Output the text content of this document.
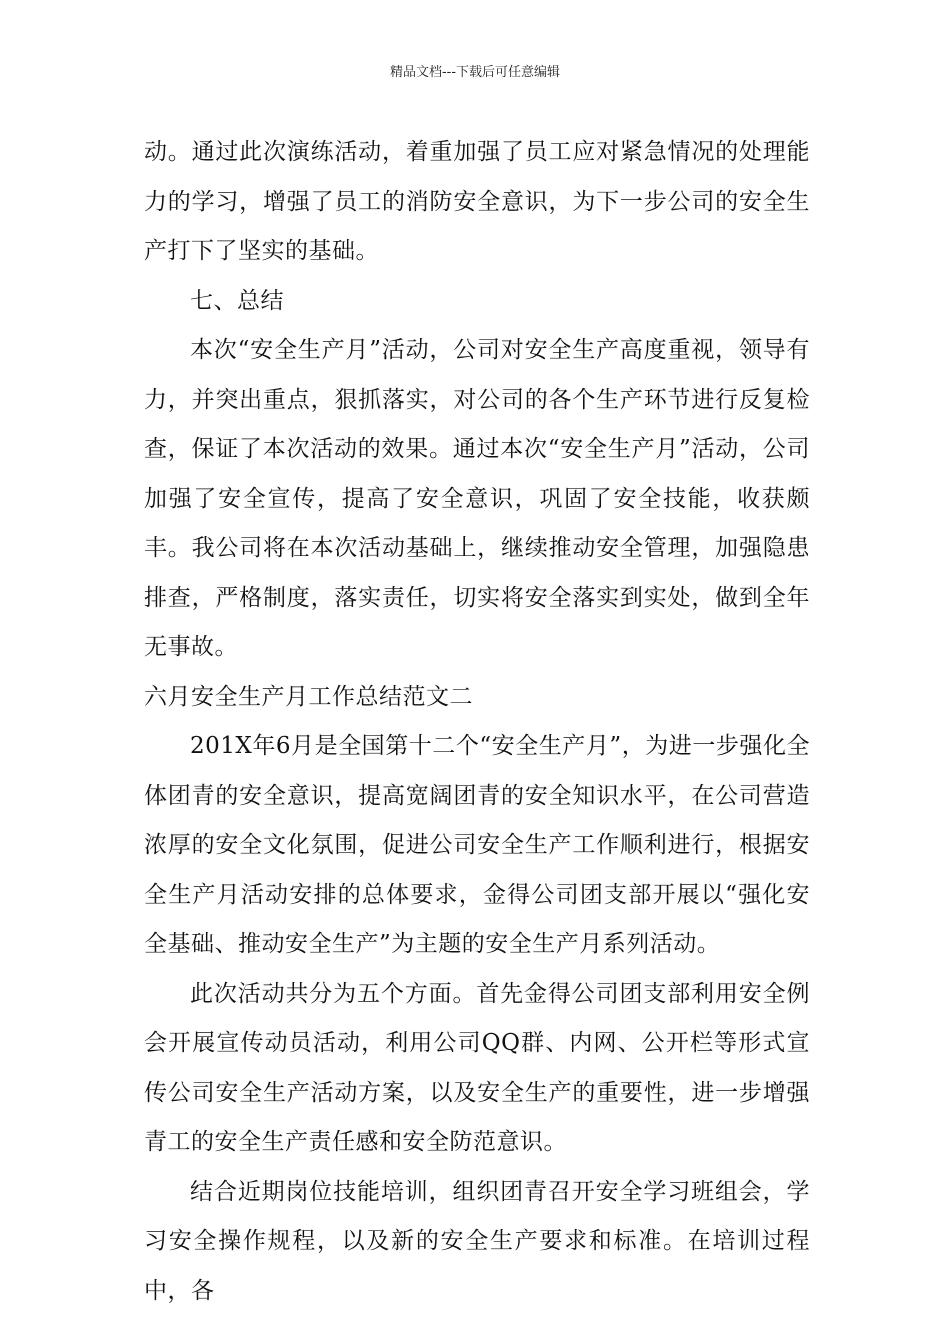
精品文档---下载后可任意编辑

动。通过此次演练活动，着重加强了员工应对紧急情况的处理能力的学习，增强了员工的消防安全意识，为下一步公司的安全生产打下了坚实的基础。

七、总结

本次“安全生产月”活动，公司对安全生产高度重视，领导有力，并突出重点，狠抓落实，对公司的各个生产环节进行反复检查，保证了本次活动的效果。通过本次“安全生产月”活动，公司加强了安全宣传，提高了安全意识，巩固了安全技能，收获颇丰。我公司将在本次活动基础上，继续推动安全管理，加强隐患排查，严格制度，落实责任，切实将安全落实到实处，做到全年无事故。

六月安全生产月工作总结范文二

201X年6月是全国第十二个“安全生产月”，为进一步强化全体团青的安全意识，提高宽阔团青的安全知识水平，在公司营造浓厚的安全文化氛围，促进公司安全生产工作顺利进行，根据安全生产月活动安排的总体要求，金得公司团支部开展以“强化安全基础、推动安全生产”为主题的安全生产月系列活动。

此次活动共分为五个方面。首先金得公司团支部利用安全例会开展宣传动员活动，利用公司QQ群、内网、公开栏等形式宣传公司安全生产活动方案，以及安全生产的重要性，进一步增强青工的安全生产责任感和安全防范意识。

结合近期岗位技能培训，组织团青召开安全学习班组会，学习安全操作规程，以及新的安全生产要求和标准。在培训过程中，各
